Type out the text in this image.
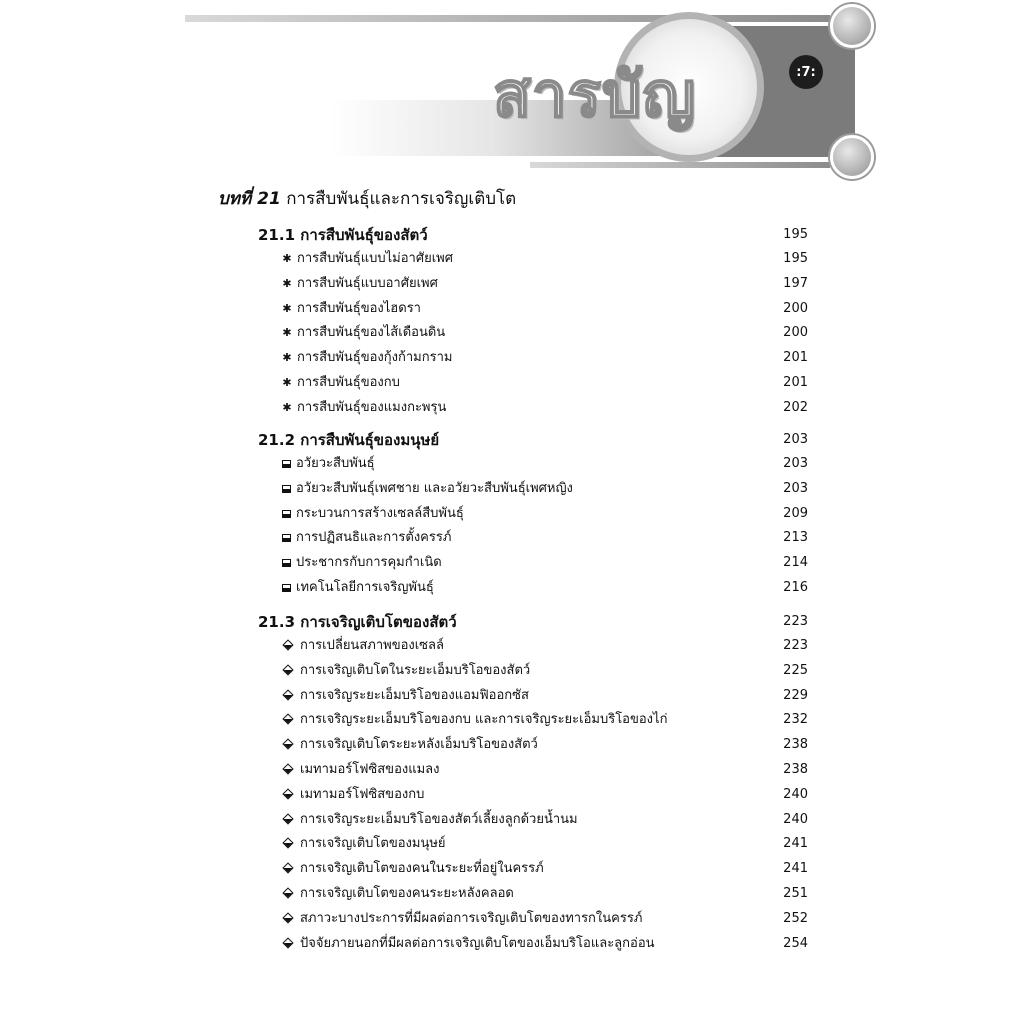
สารบัญ	:7:
บทที่ 21 การสืบพันธุ์และการเจริญเติบโต
21.1 การสืบพันธุ์ของสัตว์	195
✱ การสืบพันธุ์แบบไม่อาศัยเพศ	195
✱ การสืบพันธุ์แบบอาศัยเพศ	197
✱ การสืบพันธุ์ของไฮดรา	200
✱ การสืบพันธุ์ของไส้เดือนดิน	200
✱ การสืบพันธุ์ของกุ้งก้ามกราม	201
✱ การสืบพันธุ์ของกบ	201
✱ การสืบพันธุ์ของแมงกะพรุน	202
21.2 การสืบพันธุ์ของมนุษย์	203
อวัยวะสืบพันธุ์	203
อวัยวะสืบพันธุ์เพศชาย และอวัยวะสืบพันธุ์เพศหญิง	203
กระบวนการสร้างเซลล์สืบพันธุ์	209
การปฏิสนธิและการตั้งครรภ์	213
ประชากรกับการคุมกำเนิด	214
เทคโนโลยีการเจริญพันธุ์	216
21.3 การเจริญเติบโตของสัตว์	223
การเปลี่ยนสภาพของเซลล์	223
การเจริญเติบโตในระยะเอ็มบริโอของสัตว์	225
การเจริญระยะเอ็มบริโอของแอมฟิออกซัส	229
การเจริญระยะเอ็มบริโอของกบ และการเจริญระยะเอ็มบริโอของไก่	232
การเจริญเติบโตระยะหลังเอ็มบริโอของสัตว์	238
เมทามอร์โฟซิสของแมลง	238
เมทามอร์โฟซิสของกบ	240
การเจริญระยะเอ็มบริโอของสัตว์เลี้ยงลูกด้วยน้ำนม	240
การเจริญเติบโตของมนุษย์	241
การเจริญเติบโตของคนในระยะที่อยู่ในครรภ์	241
การเจริญเติบโตของคนระยะหลังคลอด	251
สภาวะบางประการที่มีผลต่อการเจริญเติบโตของทารกในครรภ์	252
ปัจจัยภายนอกที่มีผลต่อการเจริญเติบโตของเอ็มบริโอและลูกอ่อน	254
